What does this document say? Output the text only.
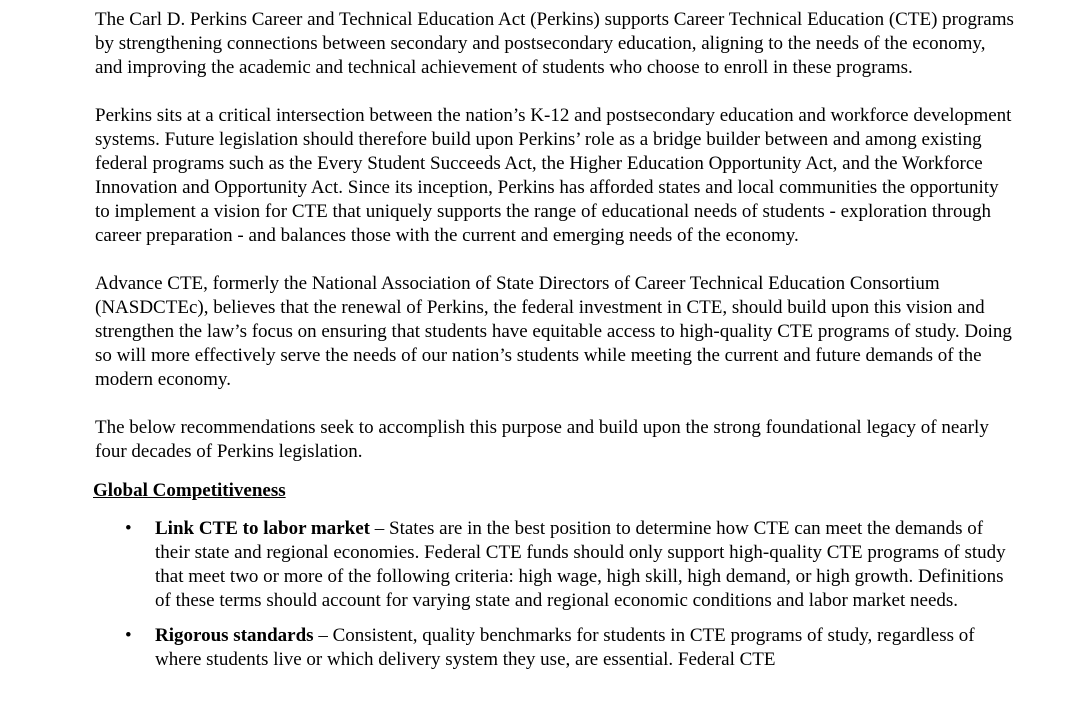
The Carl D. Perkins Career and Technical Education Act (Perkins) supports Career Technical Education (CTE) programs by strengthening connections between secondary and postsecondary education, aligning to the needs of the economy, and improving the academic and technical achievement of students who choose to enroll in these programs.

Perkins sits at a critical intersection between the nation’s K-12 and postsecondary education and workforce development systems. Future legislation should therefore build upon Perkins’ role as a bridge builder between and among existing federal programs such as the Every Student Succeeds Act, the Higher Education Opportunity Act, and the Workforce Innovation and Opportunity Act. Since its inception, Perkins has afforded states and local communities the opportunity to implement a vision for CTE that uniquely supports the range of educational needs of students - exploration through career preparation - and balances those with the current and emerging needs of the economy.

Advance CTE, formerly the National Association of State Directors of Career Technical Education Consortium (NASDCTEc), believes that the renewal of Perkins, the federal investment in CTE, should build upon this vision and strengthen the law’s focus on ensuring that students have equitable access to high-quality CTE programs of study. Doing so will more effectively serve the needs of our nation’s students while meeting the current and future demands of the modern economy.

The below recommendations seek to accomplish this purpose and build upon the strong foundational legacy of nearly four decades of Perkins legislation.

Global Competitiveness
• Link CTE to labor market – States are in the best position to determine how CTE can meet the demands of their state and regional economies. Federal CTE funds should only support high-quality CTE programs of study that meet two or more of the following criteria: high wage, high skill, high demand, or high growth. Definitions of these terms should account for varying state and regional economic conditions and labor market needs.
• Rigorous standards – Consistent, quality benchmarks for students in CTE programs of study, regardless of where students live or which delivery system they use, are essential. Federal CTE
